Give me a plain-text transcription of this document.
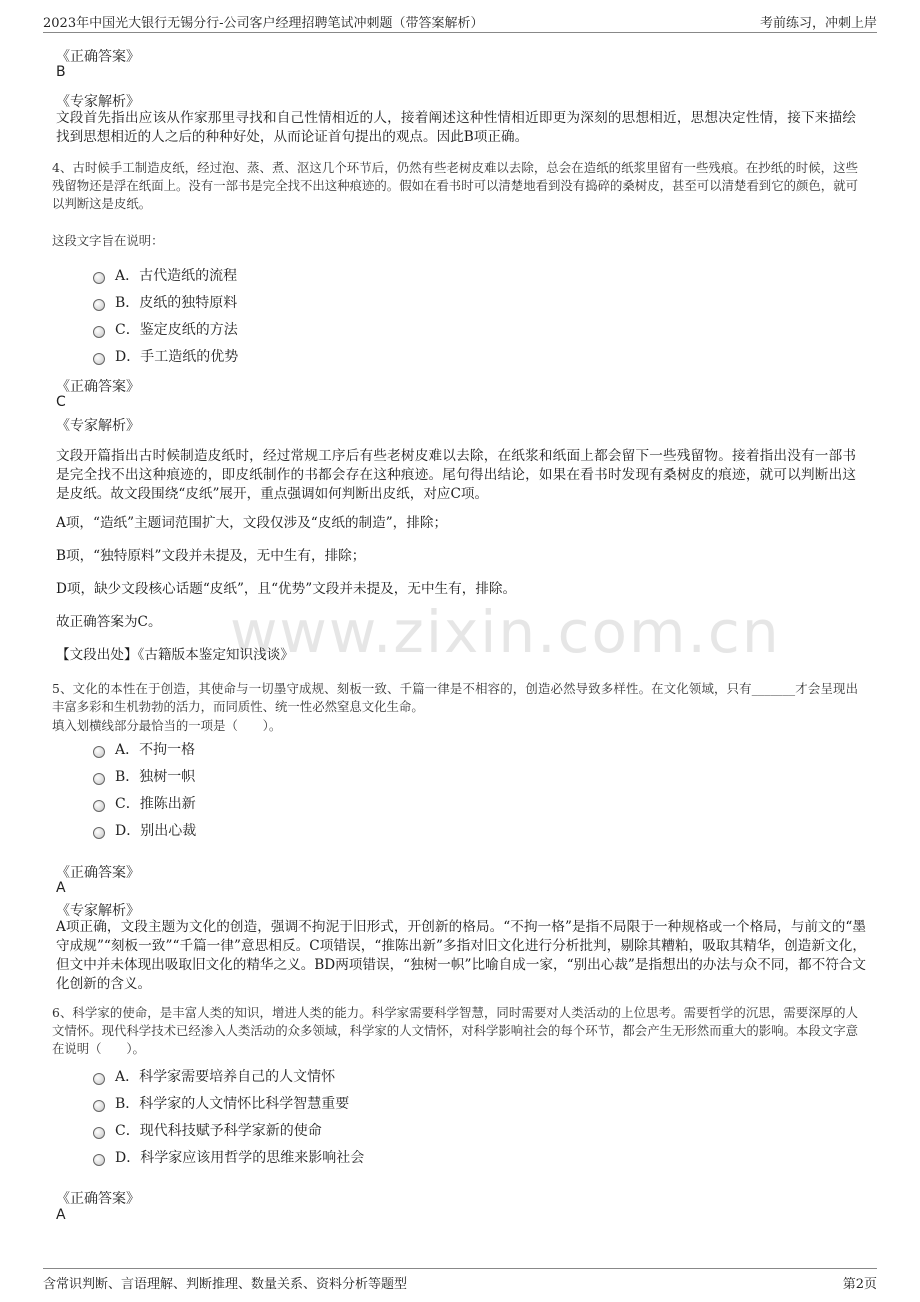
2023年中国光大银行无锡分行-公司客户经理招聘笔试冲刺题（带答案解析）	考前练习，冲刺上岸
www.zixin.com.cn
《正确答案》
B
《专家解析》
文段首先指出应该从作家那里寻找和自己性情相近的人，接着阐述这种性情相近即更为深刻的思想相近，思想决定性情，接下来描绘找到思想相近的人之后的种种好处，从而论证首句提出的观点。因此B项正确。
4、古时候手工制造皮纸，经过泡、蒸、煮、沤这几个环节后，仍然有些老树皮难以去除，总会在造纸的纸浆里留有一些残痕。在抄纸的时候，这些残留物还是浮在纸面上。没有一部书是完全找不出这种痕迹的。假如在看书时可以清楚地看到没有捣碎的桑树皮，甚至可以清楚看到它的颜色，就可以判断这是皮纸。
这段文字旨在说明：
A．古代造纸的流程
B．皮纸的独特原料
C．鉴定皮纸的方法
D．手工造纸的优势
《正确答案》
C
《专家解析》
文段开篇指出古时候制造皮纸时，经过常规工序后有些老树皮难以去除，在纸浆和纸面上都会留下一些残留物。接着指出没有一部书是完全找不出这种痕迹的，即皮纸制作的书都会存在这种痕迹。尾句得出结论，如果在看书时发现有桑树皮的痕迹，就可以判断出这是皮纸。故文段围绕“皮纸”展开，重点强调如何判断出皮纸，对应C项。
A项，“造纸”主题词范围扩大，文段仅涉及“皮纸的制造”，排除；
B项，“独特原料”文段并未提及，无中生有，排除；
D项，缺少文段核心话题“皮纸”，且“优势”文段并未提及，无中生有，排除。
故正确答案为C。
【文段出处】《古籍版本鉴定知识浅谈》
5、文化的本性在于创造，其使命与一切墨守成规、刻板一致、千篇一律是不相容的，创造必然导致多样性。在文化领域，只有_______才会呈现出丰富多彩和生机勃勃的活力，而同质性、统一性必然窒息文化生命。
填入划横线部分最恰当的一项是（　　）。
A．不拘一格
B．独树一帜
C．推陈出新
D．别出心裁
《正确答案》
A
《专家解析》
A项正确，文段主题为文化的创造，强调不拘泥于旧形式，开创新的格局。“不拘一格”是指不局限于一种规格或一个格局，与前文的“墨守成规”“刻板一致”“千篇一律”意思相反。C项错误，“推陈出新”多指对旧文化进行分析批判，剔除其糟粕，吸取其精华，创造新文化，但文中并未体现出吸取旧文化的精华之义。BD两项错误，“独树一帜”比喻自成一家，“别出心裁”是指想出的办法与众不同，都不符合文化创新的含义。
6、科学家的使命，是丰富人类的知识，增进人类的能力。科学家需要科学智慧，同时需要对人类活动的上位思考。需要哲学的沉思，需要深厚的人文情怀。现代科学技术已经渗入人类活动的众多领域，科学家的人文情怀，对科学影响社会的每个环节，都会产生无形然而重大的影响。本段文字意在说明（　　）。
A．科学家需要培养自己的人文情怀
B．科学家的人文情怀比科学智慧重要
C．现代科技赋予科学家新的使命
D．科学家应该用哲学的思维来影响社会
《正确答案》
A
含常识判断、言语理解、判断推理、数量关系、资料分析等题型	第2页
